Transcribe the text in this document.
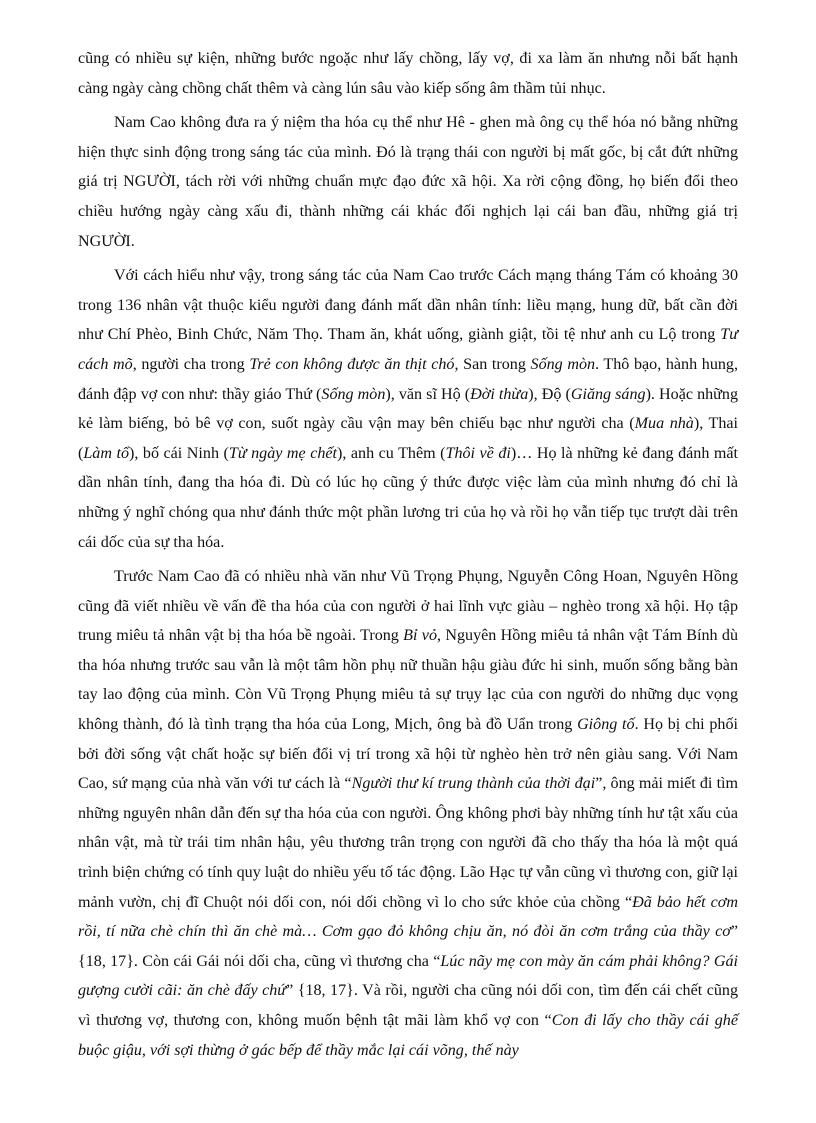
cũng có nhiều sự kiện, những bước ngoặc như lấy chồng, lấy vợ, đi xa làm ăn nhưng nỗi bất hạnh càng ngày càng chồng chất thêm và càng lún sâu vào kiếp sống âm thầm tủi nhục.

Nam Cao không đưa ra ý niệm tha hóa cụ thể như Hê - ghen mà ông cụ thể hóa nó bằng những hiện thực sinh động trong sáng tác của mình. Đó là trạng thái con người bị mất gốc, bị cắt đứt những giá trị NGƯỜI, tách rời với những chuẩn mực đạo đức xã hội. Xa rời cộng đồng, họ biến đổi theo chiều hướng ngày càng xấu đi, thành những cái khác đối nghịch lại cái ban đầu, những giá trị NGƯỜI.

Với cách hiểu như vậy, trong sáng tác của Nam Cao trước Cách mạng tháng Tám có khoảng 30 trong 136 nhân vật thuộc kiểu người đang đánh mất dần nhân tính: liều mạng, hung dữ, bất cần đời như Chí Phèo, Binh Chức, Năm Thọ. Tham ăn, khát uống, giành giật, tồi tệ như anh cu Lộ trong Tư cách mõ, người cha trong Trẻ con không được ăn thịt chó, San trong Sống mòn. Thô bạo, hành hung, đánh đập vợ con như: thầy giáo Thứ (Sống mòn), văn sĩ Hộ (Đời thừa), Độ (Giăng sáng). Hoặc những kẻ làm biếng, bỏ bê vợ con, suốt ngày cầu vận may bên chiếu bạc như người cha (Mua nhà), Thai (Làm tổ), bố cái Ninh (Từ ngày mẹ chết), anh cu Thêm (Thôi về đi)… Họ là những kẻ đang đánh mất dần nhân tính, đang tha hóa đi. Dù có lúc họ cũng ý thức được việc làm của mình nhưng đó chỉ là những ý nghĩ chóng qua như đánh thức một phần lương tri của họ và rồi họ vẫn tiếp tục trượt dài trên cái dốc của sự tha hóa.

Trước Nam Cao đã có nhiều nhà văn như Vũ Trọng Phụng, Nguyễn Công Hoan, Nguyên Hồng cũng đã viết nhiều về vấn đề tha hóa của con người ở hai lĩnh vực giàu – nghèo trong xã hội. Họ tập trung miêu tả nhân vật bị tha hóa bề ngoài. Trong Bỉ vỏ, Nguyên Hồng miêu tả nhân vật Tám Bính dù tha hóa nhưng trước sau vẫn là một tâm hồn phụ nữ thuần hậu giàu đức hi sinh, muốn sống bằng bàn tay lao động của mình. Còn Vũ Trọng Phụng miêu tả sự trụy lạc của con người do những dục vọng không thành, đó là tình trạng tha hóa của Long, Mịch, ông bà đồ Uẩn trong Giông tố. Họ bị chi phối bởi đời sống vật chất hoặc sự biến đổi vị trí trong xã hội từ nghèo hèn trở nên giàu sang. Với Nam Cao, sứ mạng của nhà văn với tư cách là “Người thư kí trung thành của thời đại”, ông mải miết đi tìm những nguyên nhân dẫn đến sự tha hóa của con người. Ông không phơi bày những tính hư tật xấu của nhân vật, mà từ trái tim nhân hậu, yêu thương trân trọng con người đã cho thấy tha hóa là một quá trình biện chứng có tính quy luật do nhiều yếu tố tác động. Lão Hạc tự vẫn cũng vì thương con, giữ lại mảnh vườn, chị đĩ Chuột nói dối con, nói dối chồng vì lo cho sức khỏe của chồng “Đã bảo hết cơm rồi, tí nữa chè chín thì ăn chè mà… Cơm gạo đỏ không chịu ăn, nó đòi ăn cơm trắng của thầy cơ” {18, 17}. Còn cái Gái nói dối cha, cũng vì thương cha “Lúc nãy mẹ con mày ăn cám phải không? Gái gượng cười cãi: ăn chè đấy chứ” {18, 17}. Và rồi, người cha cũng nói dối con, tìm đến cái chết cũng vì thương vợ, thương con, không muốn bệnh tật mãi làm khổ vợ con “Con đi lấy cho thầy cái ghế buộc giậu, với sợi thừng ở gác bếp để thầy mắc lại cái võng, thế này
